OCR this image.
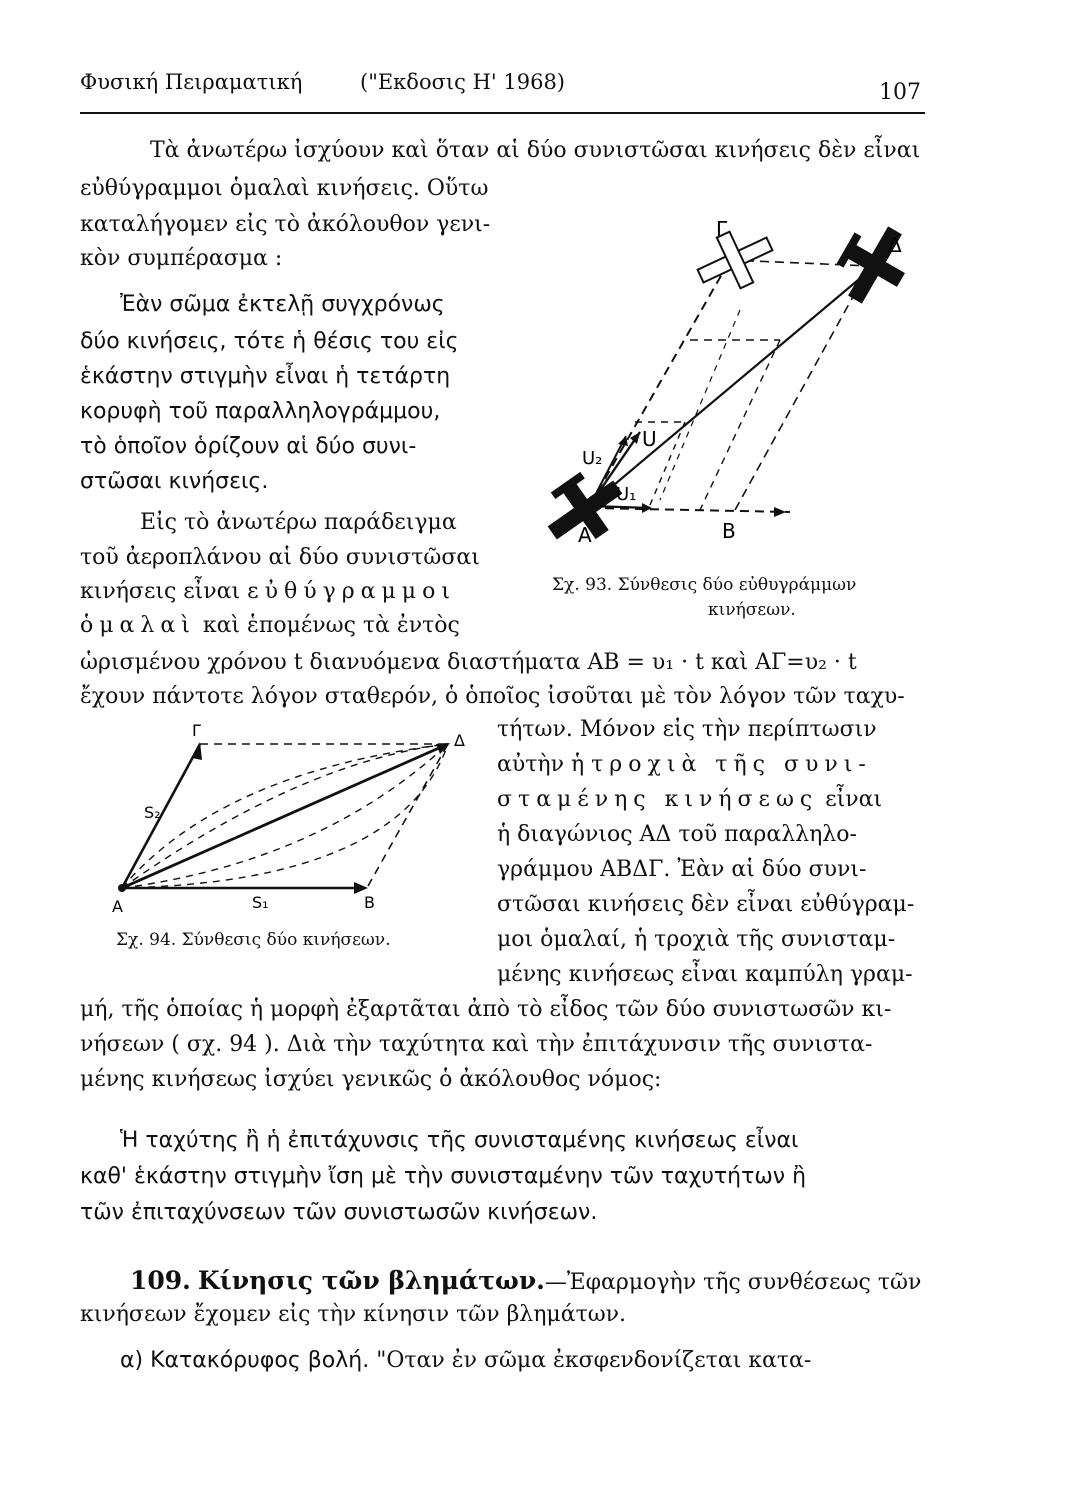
Φυσική Πειραματική	("Εκδοσις Η' 1968)	107
Τὰ ἀνωτέρω ἰσχύουν καὶ ὅταν αἱ δύο συνιστῶσαι κινήσεις δὲν εἶναι
εὐθύγραμμοι ὁμαλαὶ κινήσεις. Οὕτω
καταλήγομεν εἰς τὸ ἀκόλουθον γενι-
κὸν συμπέρασμα :
Ἐὰν σῶμα ἐκτελῇ συγχρόνως
δύο κινήσεις, τότε ἡ θέσις του εἰς
ἑκάστην στιγμὴν εἶναι ἡ τετάρτη
κορυφὴ τοῦ παραλληλογράμμου,
τὸ ὁποῖον ὁρίζουν αἱ δύο συνι-
στῶσαι κινήσεις.
Εἰς τὸ ἀνωτέρω παράδειγμα
τοῦ ἀεροπλάνου αἱ δύο συνιστῶσαι
κινήσεις εἶναι εὐθύγραμμοι
ὁμαλαὶ καὶ ἑπομένως τὰ ἐντὸς
ὡρισμένου χρόνου t διανυόμενα διαστήματα ΑΒ = υ₁ · t καὶ ΑΓ=υ₂ · t
ἔχουν πάντοτε λόγον σταθερόν, ὁ ὁποῖος ἰσοῦται μὲ τὸν λόγον τῶν ταχυ-
τήτων. Μόνον εἰς τὴν περίπτωσιν
αὐτὴν ἡ τροχιὰ τῆς συνι-
σταμένης κινήσεως εἶναι
ἡ διαγώνιος ΑΔ τοῦ παραλληλο-
γράμμου ΑΒΔΓ. Ἐὰν αἱ δύο συνι-
στῶσαι κινήσεις δὲν εἶναι εὐθύγραμ-
μοι ὁμαλαί, ἡ τροχιὰ τῆς συνισταμ-
μένης κινήσεως εἶναι καμπύλη γραμ-
μή, τῆς ὁποίας ἡ μορφὴ ἐξαρτᾶται ἀπὸ τὸ εἶδος τῶν δύο συνιστωσῶν κι-
νήσεων ( σχ. 94 ). Διὰ τὴν ταχύτητα καὶ τὴν ἐπιτάχυνσιν τῆς συνιστα-
μένης κινήσεως ἰσχύει γενικῶς ὁ ἀκόλουθος νόμος:
Ἡ ταχύτης ἢ ἡ ἐπιτάχυνσις τῆς συνισταμένης κινήσεως εἶναι
καθ' ἑκάστην στιγμὴν ἴση μὲ τὴν συνισταμένην τῶν ταχυτήτων ἢ
τῶν ἐπιταχύνσεων τῶν συνιστωσῶν κινήσεων.
109. Κίνησις τῶν βλημάτων.—Ἐφαρμογὴν τῆς συνθέσεως τῶν
κινήσεων ἔχομεν εἰς τὴν κίνησιν τῶν βλημάτων.
α) Κατακόρυφος βολή. "Οταν ἐν σῶμα ἐκσφενδονίζεται κατα-
Α	Β
Γ
Δ
U
U₂
U₁
Σχ. 93. Σύνθεσις δύο εὐθυγράμμων
κινήσεων.
Α	Β
Γ
Δ
S₁
S₂
Σχ. 94. Σύνθεσις δύο κινήσεων.
